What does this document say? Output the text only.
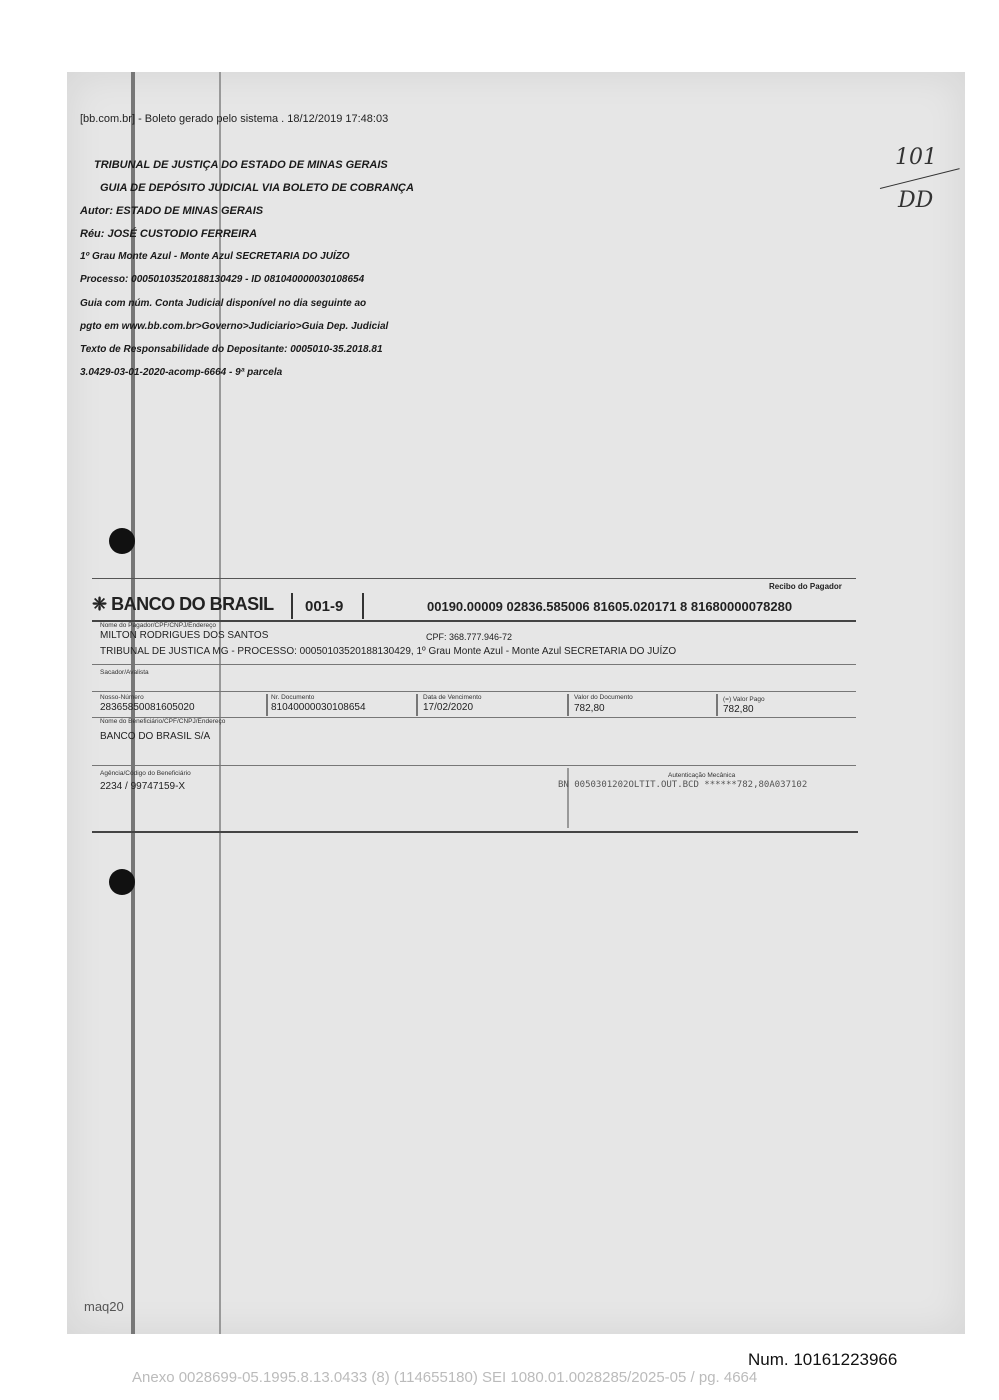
[bb.com.br] - Boleto gerado pelo sistema . 18/12/2019 17:48:03
TRIBUNAL DE JUSTIÇA DO ESTADO DE MINAS GERAIS
GUIA DE DEPÓSITO JUDICIAL VIA BOLETO DE COBRANÇA
Autor: ESTADO DE MINAS GERAIS
Réu: JOSÉ CUSTODIO FERREIRA
1º Grau Monte Azul - Monte Azul SECRETARIA DO JUÍZO
Processo: 00050103520188130429 - ID 081040000030108654
Guia com núm. Conta Judicial disponível no dia seguinte ao
pgto em www.bb.com.br>Governo>Judiciario>Guia Dep. Judicial
Texto de Responsabilidade do Depositante: 0005010-35.2018.81
3.0429-03-01-2020-acomp-6664 - 9ª parcela
101
DD
Recibo do Pagador
❈ BANCO DO BRASIL 001-9	00190.00009 02836.585006 81605.020171 8 81680000078280
Nome do Pagador/CPF/CNPJ/Endereço
MILTON RODRIGUES DOS SANTOS	CPF: 368.777.946-72
TRIBUNAL DE JUSTICA MG - PROCESSO: 00050103520188130429, 1º Grau Monte Azul - Monte Azul SECRETARIA DO JUÍZO
Sacador/Avalista
Nosso-Número
28365850081605020
Nr. Documento
81040000030108654
Data de Vencimento
17/02/2020
Valor do Documento
782,80
(=) Valor Pago
782,80
Nome do Beneficiário/CPF/CNPJ/Endereço
BANCO DO BRASIL S/A
Agência/Código do Beneficiário
2234 / 99747159-X
Autenticação Mecânica
BN 0050301202OLTIT.OUT.BCD ******782,80A037102
maq20
Num. 10161223966
Anexo 0028699-05.1995.8.13.0433 (8) (114655180) SEI 1080.01.0028285/2025-05 / pg. 4664
